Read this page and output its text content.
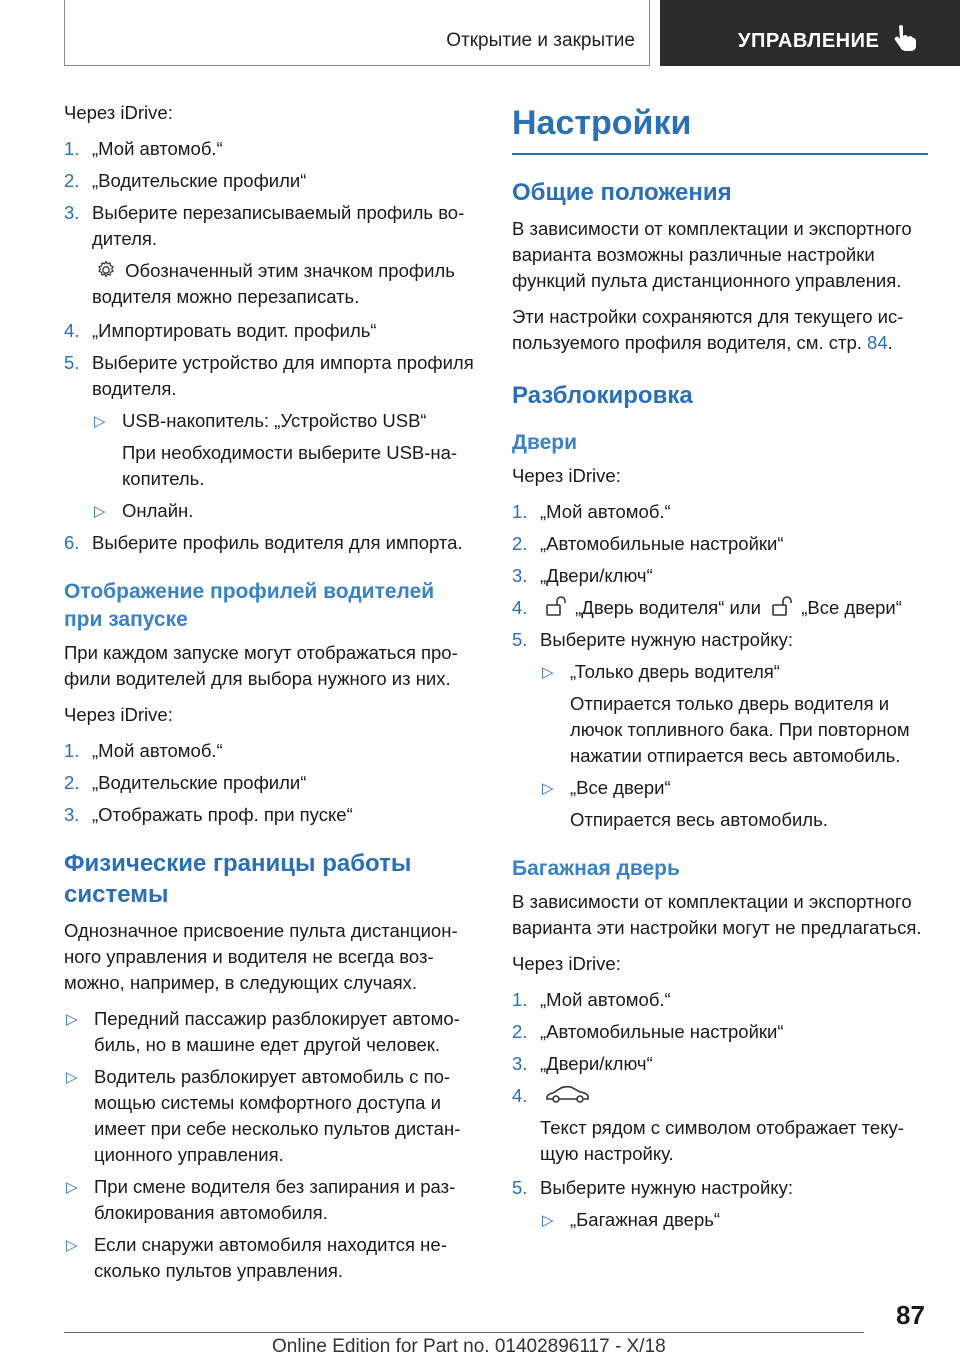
Открытие и закрытие	УПРАВЛЕНИЕ

Через iDrive:

1. „Мой автомоб.“
2. „Водительские профили“
3. Выберите перезаписываемый профиль водителя.
Обозначенный этим значком профиль водителя можно перезаписать.
4. „Импортировать водит. профиль“
5. Выберите устройство для импорта профиля водителя.
▷ USB-накопитель: „Устройство USB“
При необходимости выберите USB-накопитель.
▷ Онлайн.
6. Выберите профиль водителя для импорта.
Отображение профилей водителей при запуске

При каждом запуске могут отображаться профили водителей для выбора нужного из них.

Через iDrive:

1. „Мой автомоб.“
2. „Водительские профили“
3. „Отображать проф. при пуске“
Физические границы работы системы

Однозначное присвоение пульта дистанционного управления и водителя не всегда возможно, например, в следующих случаях.

▷ Передний пассажир разблокирует автомобиль, но в машине едет другой человек.
▷ Водитель разблокирует автомобиль с помощью системы комфортного доступа и имеет при себе несколько пультов дистанционного управления.
▷ При смене водителя без запирания и разблокирования автомобиля.
▷ Если снаружи автомобиля находится несколько пультов управления.
Настройки
Общие положения

В зависимости от комплектации и экспортного варианта возможны различные настройки функций пульта дистанционного управления.

Эти настройки сохраняются для текущего используемого профиля водителя, см. стр. 84.

Разблокировка
Двери

Через iDrive:

1. „Мой автомоб.“
2. „Автомобильные настройки“
3. „Двери/ключ“
4.	„Дверь водителя“ или „Все двери“
5. Выберите нужную настройку:
▷ „Только дверь водителя“
Отпирается только дверь водителя и лючок топливного бака. При повторном нажатии отпирается весь автомобиль.
▷ „Все двери“
Отпирается весь автомобиль.
Багажная дверь

В зависимости от комплектации и экспортного варианта эти настройки могут не предлагаться.

Через iDrive:

1. „Мой автомоб.“
2. „Автомобильные настройки“
3. „Двери/ключ“
4.
Текст рядом с символом отображает текущую настройку.
5. Выберите нужную настройку:
▷ „Багажная дверь“
87
Online Edition for Part no. 01402896117 - X/18
